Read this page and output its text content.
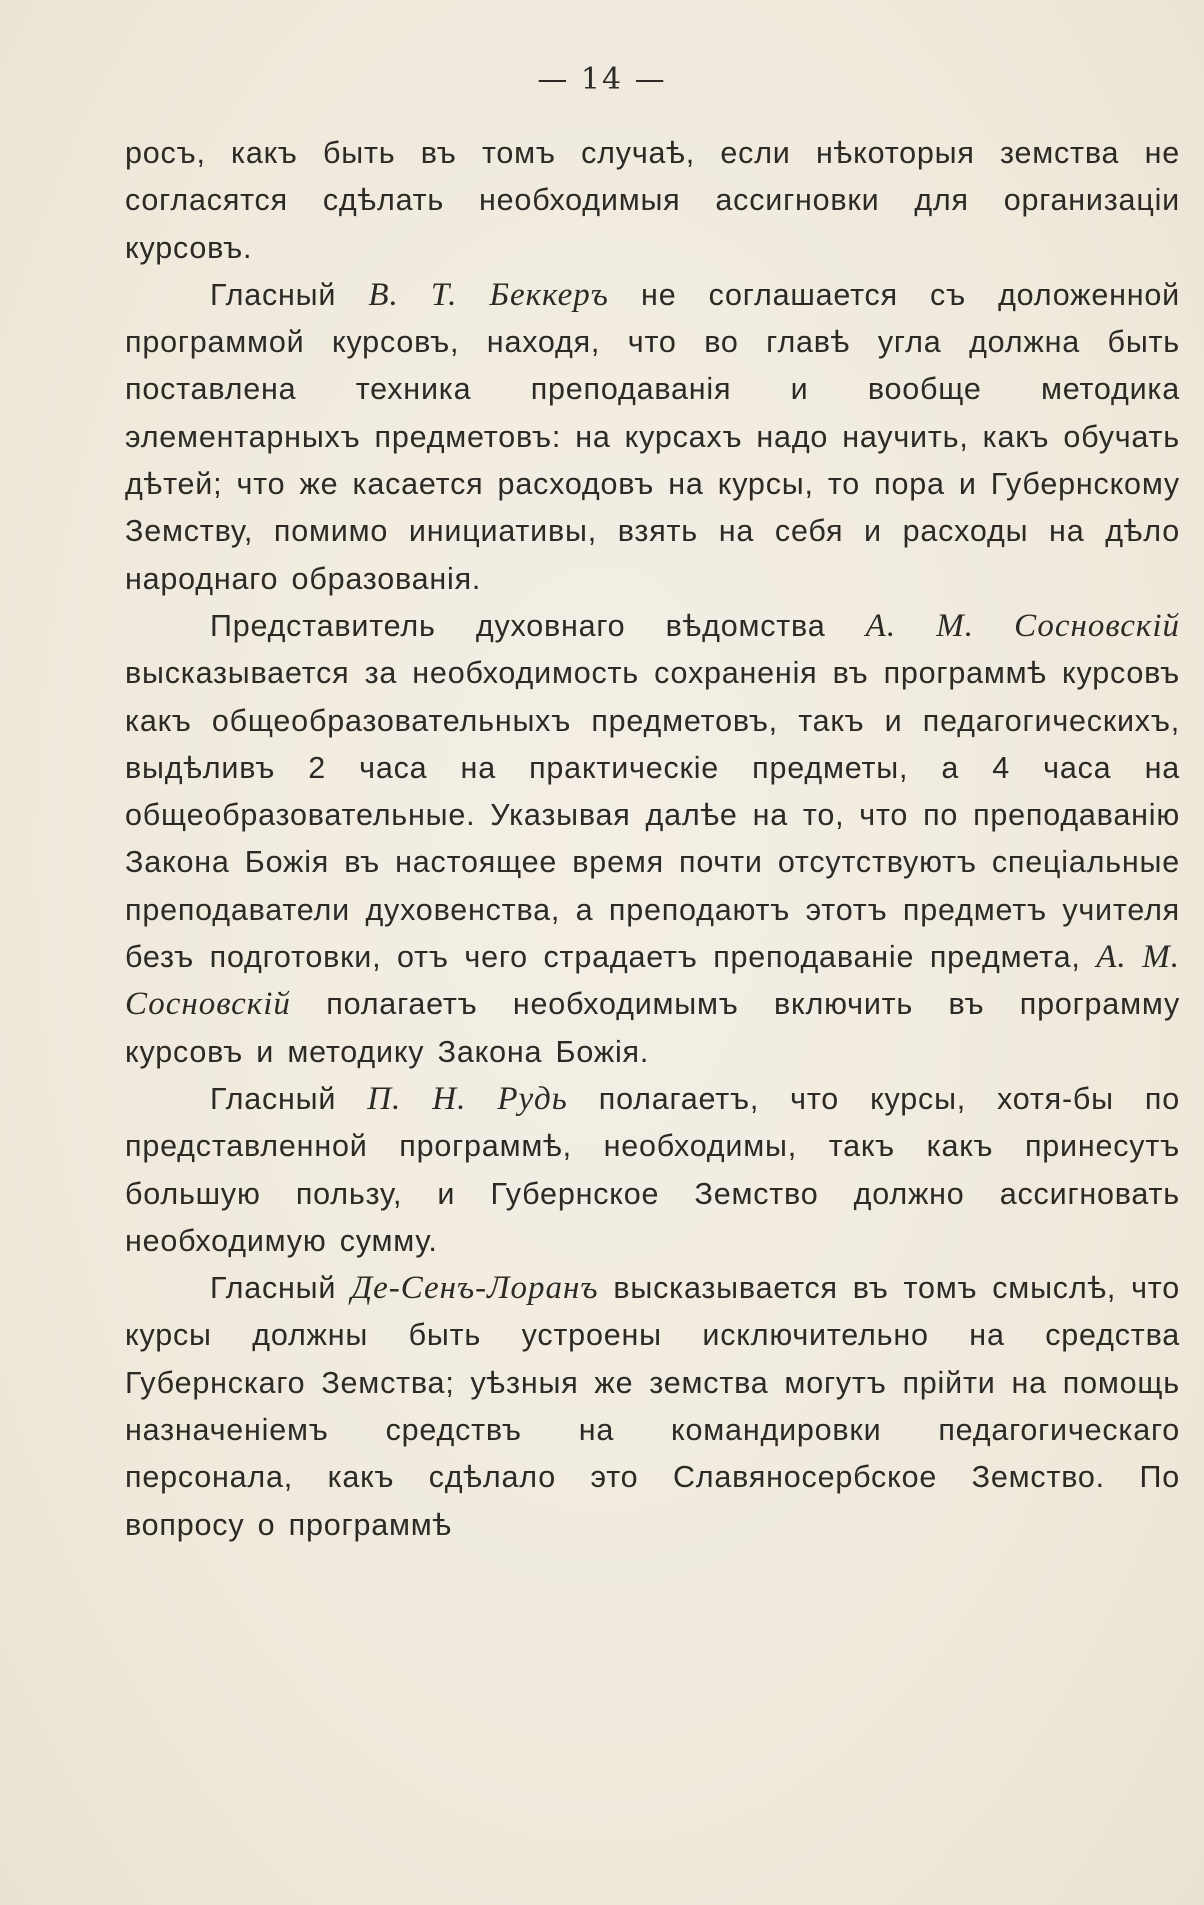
— 14 —

росъ, какъ быть въ томъ случаѣ, если нѣкоторыя земства не согласятся сдѣлать необходимыя ассигновки для организаціи курсовъ.

Гласный В. Т. Беккеръ не соглашается съ доложенной программой курсовъ, находя, что во главѣ угла должна быть поставлена техника преподаванія и вообще методика элементарныхъ предметовъ: на курсахъ надо научить, какъ обучать дѣтей; что же касается расходовъ на курсы, то пора и Губернскому Земству, помимо инициативы, взять на себя и расходы на дѣло народнаго образованія.

Представитель духовнаго вѣдомства А. М. Сосновскій высказывается за необходимость сохраненія въ программѣ курсовъ какъ общеобразовательныхъ предметовъ, такъ и педагогическихъ, выдѣливъ 2 часа на практическіе предметы, а 4 часа на общеобразовательные. Указывая далѣе на то, что по преподаванію Закона Божія въ настоящее время почти отсутствуютъ спеціальные преподаватели духовенства, а преподаютъ этотъ предметъ учителя безъ подготовки, отъ чего страдаетъ преподаваніе предмета, А. М. Сосновскій полагаетъ необходимымъ включить въ программу курсовъ и методику Закона Божія.

Гласный П. Н. Рудь полагаетъ, что курсы, хотя-бы по представленной программѣ, необходимы, такъ какъ принесутъ большую пользу, и Губернское Земство должно ассигновать необходимую сумму.

Гласный Де-Сенъ-Лоранъ высказывается въ томъ смыслѣ, что курсы должны быть устроены исключительно на средства Губернскаго Земства; уѣзныя же земства могутъ прійти на помощь назначеніемъ средствъ на командировки педагогическаго персонала, какъ сдѣлало это Славяносербское Земство. По вопросу о программѣ
